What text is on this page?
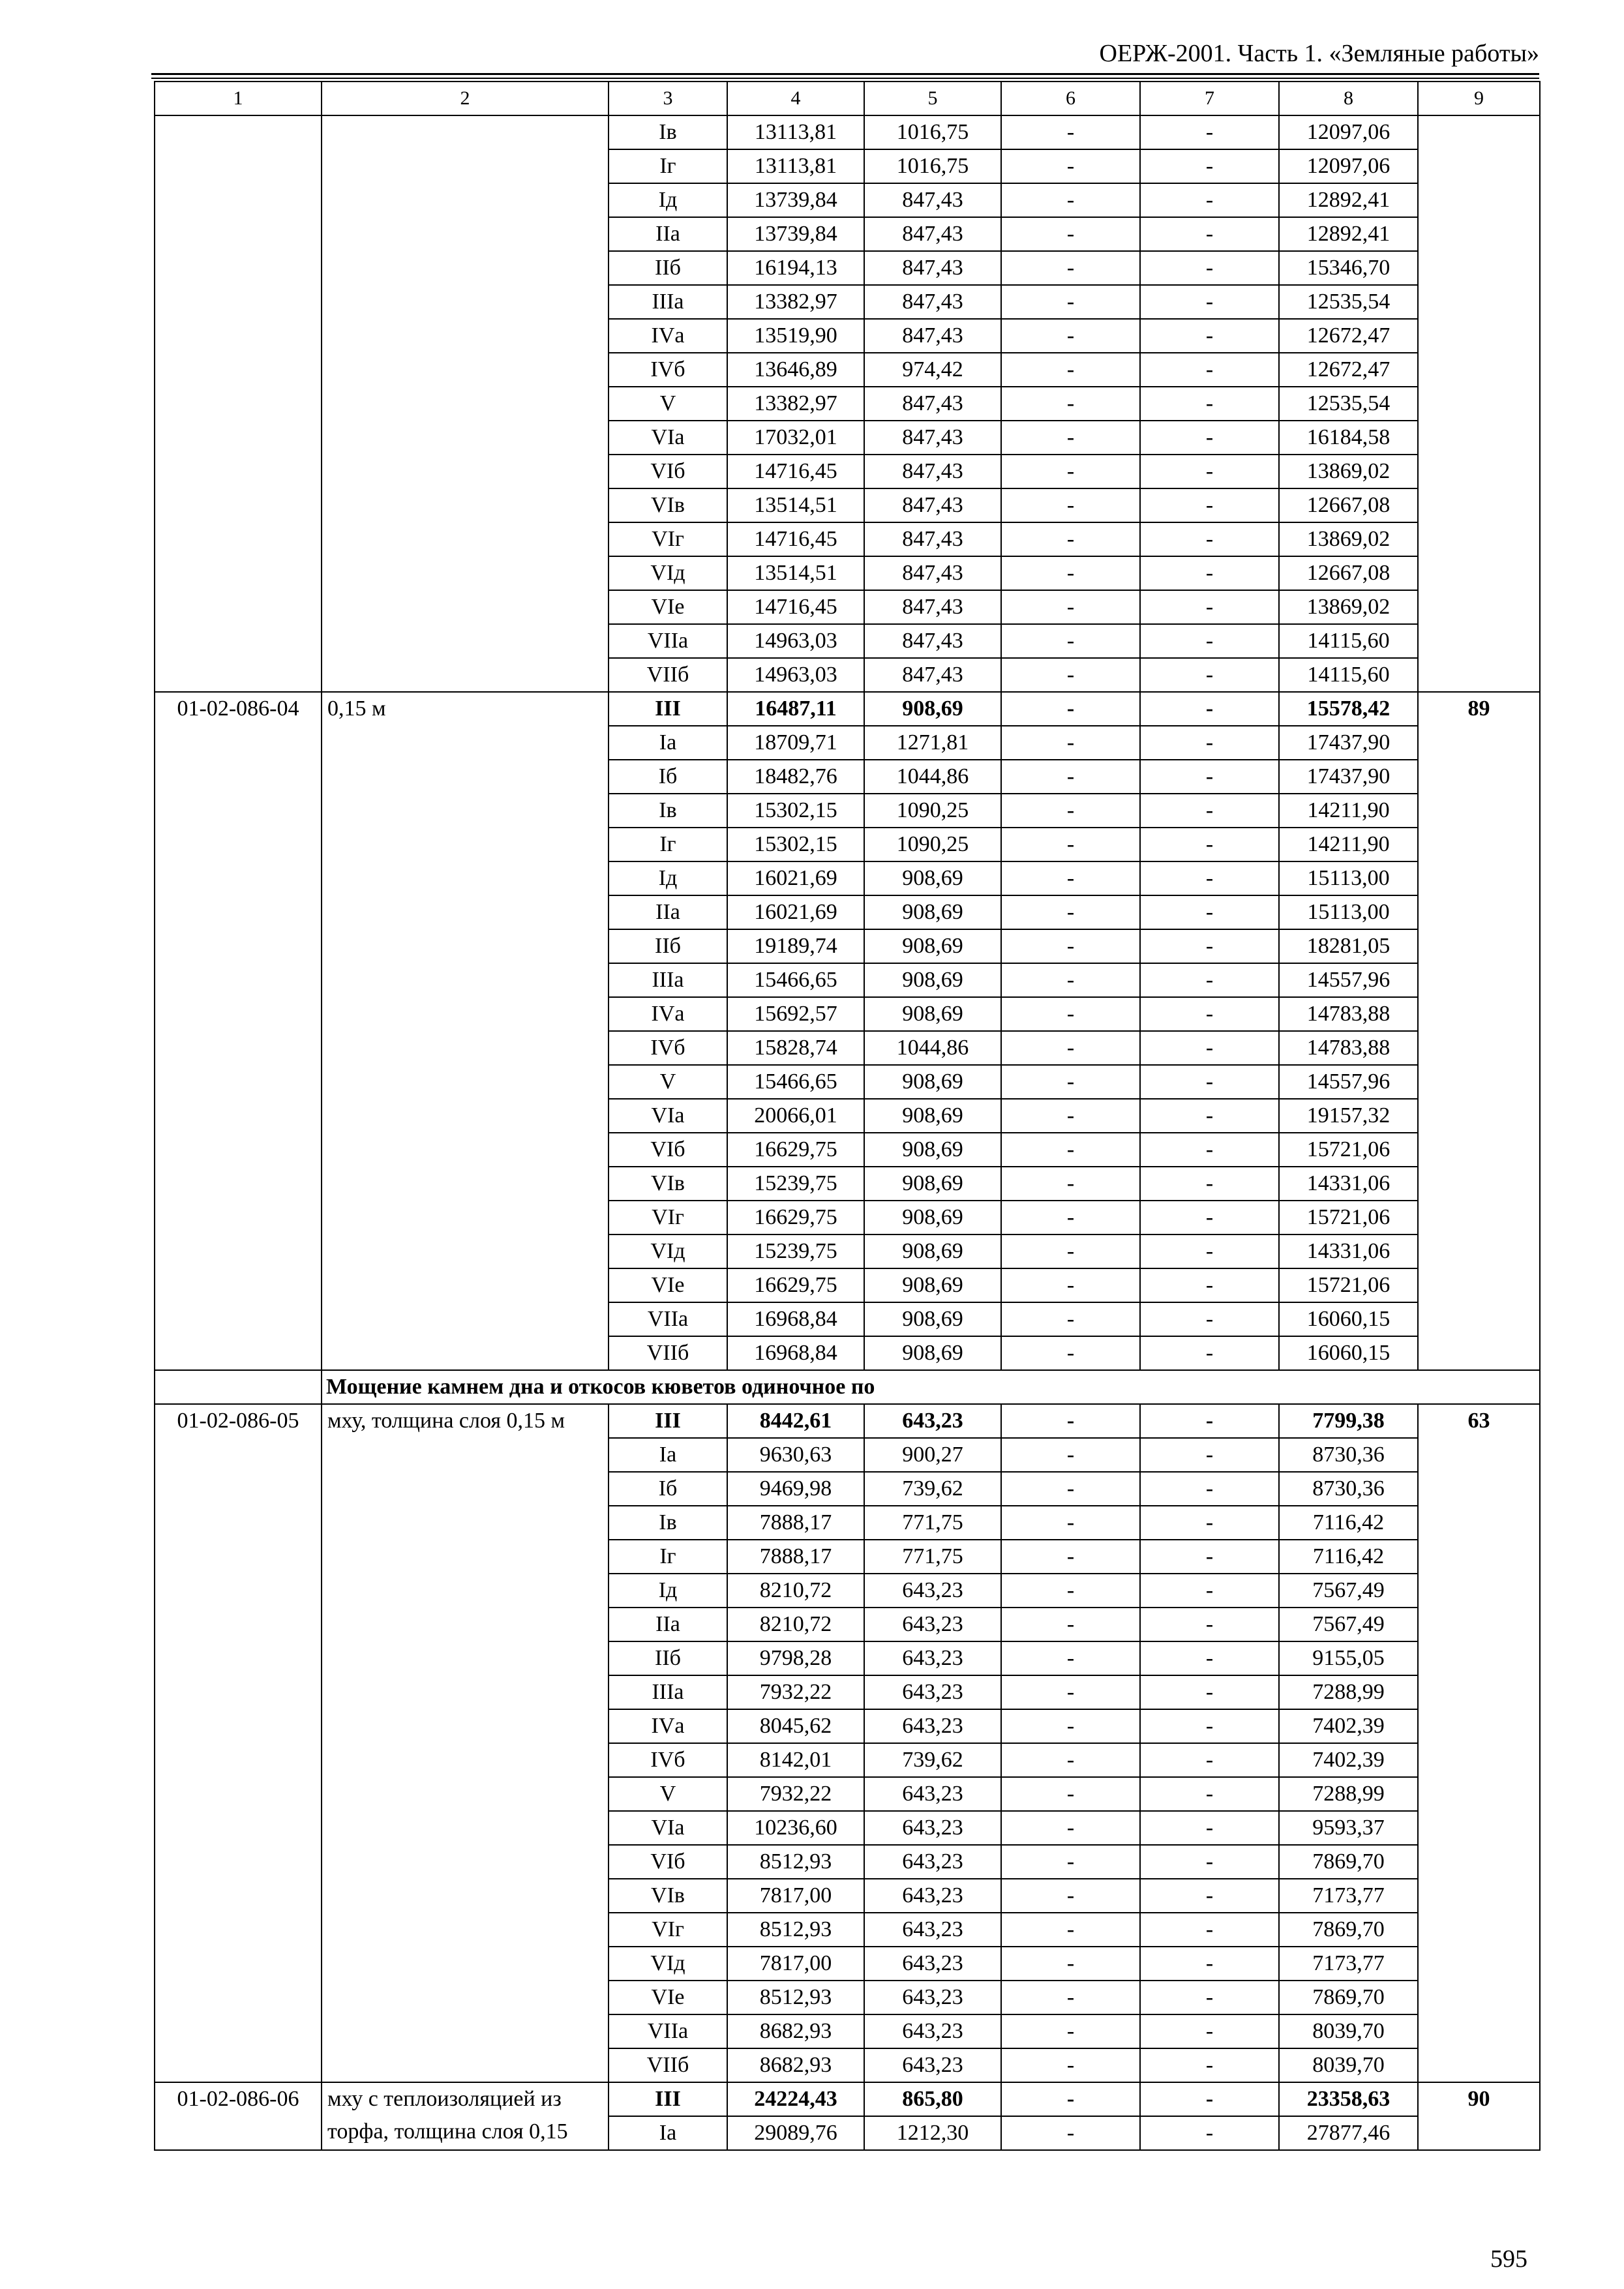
ОЕРЖ-2001. Часть 1. «Земляные работы»
1	2	3	4	5	6	7	8	9
		Iв	13113,81	1016,75	-	-	12097,06	
		Iг	13113,81	1016,75	-	-	12097,06	
		Iд	13739,84	847,43	-	-	12892,41	
		IIа	13739,84	847,43	-	-	12892,41	
		IIб	16194,13	847,43	-	-	15346,70	
		IIIа	13382,97	847,43	-	-	12535,54	
		IVа	13519,90	847,43	-	-	12672,47	
		IVб	13646,89	974,42	-	-	12672,47	
		V	13382,97	847,43	-	-	12535,54	
		VIа	17032,01	847,43	-	-	16184,58	
		VIб	14716,45	847,43	-	-	13869,02	
		VIв	13514,51	847,43	-	-	12667,08	
		VIг	14716,45	847,43	-	-	13869,02	
		VIд	13514,51	847,43	-	-	12667,08	
		VIе	14716,45	847,43	-	-	13869,02	
		VIIа	14963,03	847,43	-	-	14115,60	
		VIIб	14963,03	847,43	-	-	14115,60	
01-02-086-04	0,15 м	III	16487,11	908,69	-	-	15578,42	89
		Iа	18709,71	1271,81	-	-	17437,90	
		Iб	18482,76	1044,86	-	-	17437,90	
		Iв	15302,15	1090,25	-	-	14211,90	
		Iг	15302,15	1090,25	-	-	14211,90	
		Iд	16021,69	908,69	-	-	15113,00	
		IIа	16021,69	908,69	-	-	15113,00	
		IIб	19189,74	908,69	-	-	18281,05	
		IIIа	15466,65	908,69	-	-	14557,96	
		IVа	15692,57	908,69	-	-	14783,88	
		IVб	15828,74	1044,86	-	-	14783,88	
		V	15466,65	908,69	-	-	14557,96	
		VIа	20066,01	908,69	-	-	19157,32	
		VIб	16629,75	908,69	-	-	15721,06	
		VIв	15239,75	908,69	-	-	14331,06	
		VIг	16629,75	908,69	-	-	15721,06	
		VIд	15239,75	908,69	-	-	14331,06	
		VIе	16629,75	908,69	-	-	15721,06	
		VIIа	16968,84	908,69	-	-	16060,15	
		VIIб	16968,84	908,69	-	-	16060,15	
	Мощение камнем дна и откосов кюветов одиночное по							
01-02-086-05	мху, толщина слоя 0,15 м	III	8442,61	643,23	-	-	7799,38	63
		Iа	9630,63	900,27	-	-	8730,36	
		Iб	9469,98	739,62	-	-	8730,36	
		Iв	7888,17	771,75	-	-	7116,42	
		Iг	7888,17	771,75	-	-	7116,42	
		Iд	8210,72	643,23	-	-	7567,49	
		IIа	8210,72	643,23	-	-	7567,49	
		IIб	9798,28	643,23	-	-	9155,05	
		IIIа	7932,22	643,23	-	-	7288,99	
		IVа	8045,62	643,23	-	-	7402,39	
		IVб	8142,01	739,62	-	-	7402,39	
		V	7932,22	643,23	-	-	7288,99	
		VIа	10236,60	643,23	-	-	9593,37	
		VIб	8512,93	643,23	-	-	7869,70	
		VIв	7817,00	643,23	-	-	7173,77	
		VIг	8512,93	643,23	-	-	7869,70	
		VIд	7817,00	643,23	-	-	7173,77	
		VIе	8512,93	643,23	-	-	7869,70	
		VIIа	8682,93	643,23	-	-	8039,70	
		VIIб	8682,93	643,23	-	-	8039,70	
01-02-086-06	мху с теплоизоляцией из торфа, толщина слоя 0,15	III	24224,43	865,80	-	-	23358,63	90
		Iа	29089,76	1212,30	-	-	27877,46	
595
